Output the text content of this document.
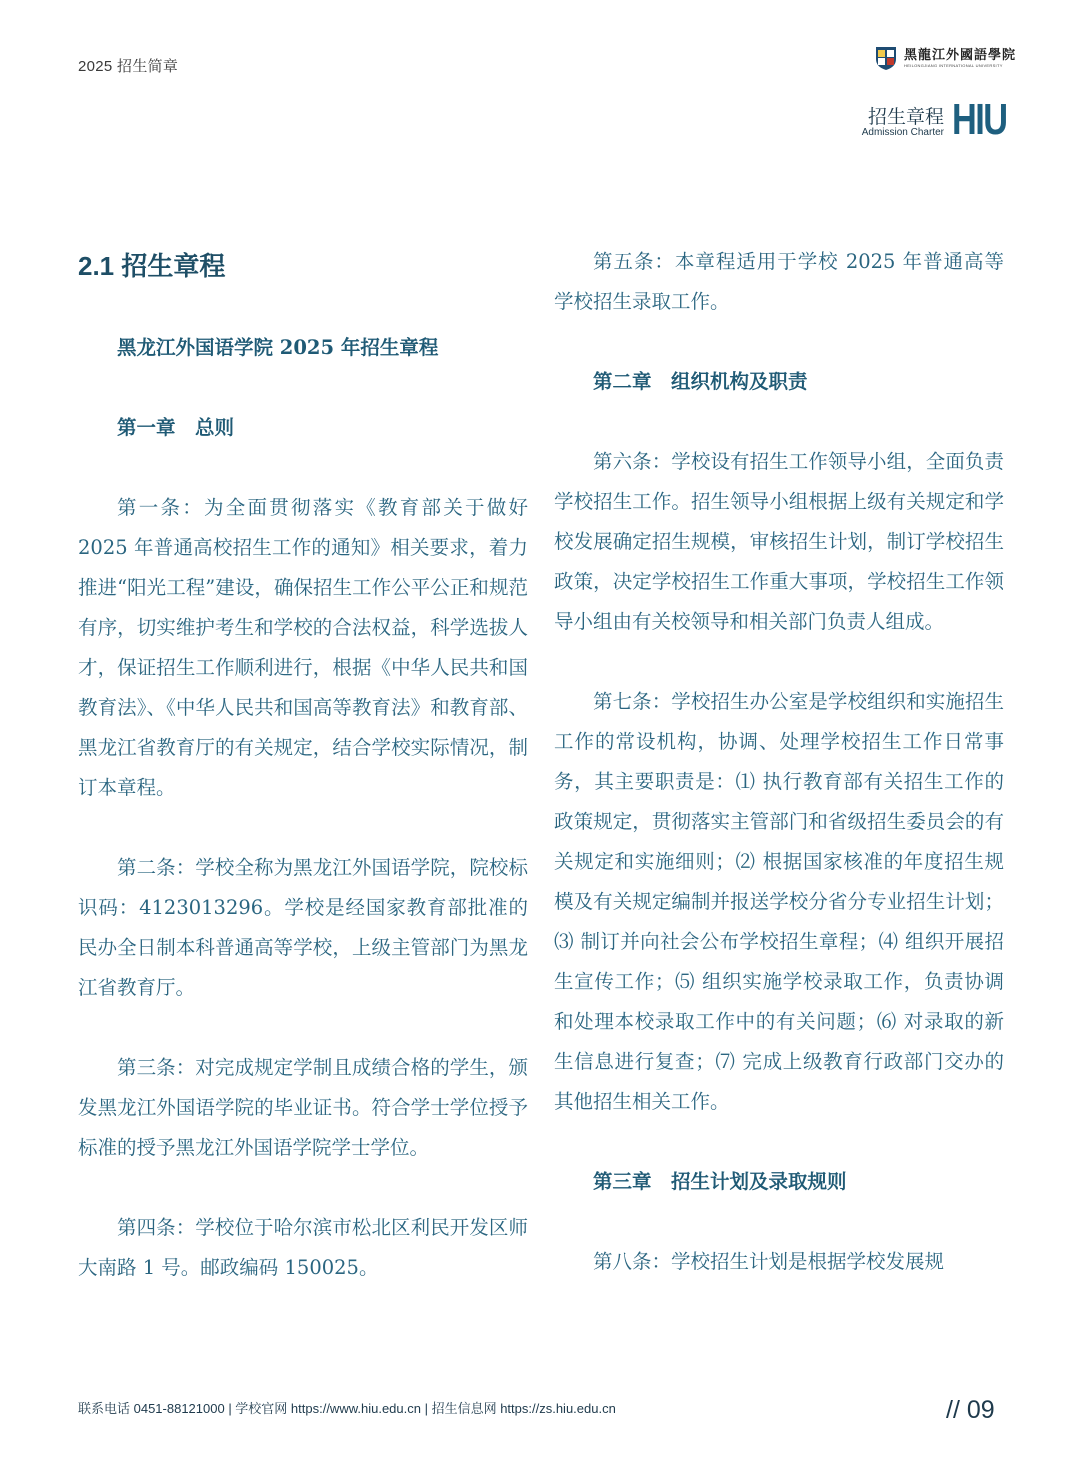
2025 招生简章
黑龍江外國語學院
HEILONGJIANG INTERNATIONAL UNIVERSITY
招生章程
Admission Charter HIU
2.1 招生章程

黑龙江外国语学院 2025 年招生章程

第一章　总则

第一条：为全面贯彻落实《教育部关于做好 2025 年普通高校招生工作的通知》相关要求，着力推进“阳光工程”建设，确保招生工作公平公正和规范有序，切实维护考生和学校的合法权益，科学选拔人才，保证招生工作顺利进行，根据《中华人民共和国教育法》、《中华人民共和国高等教育法》和教育部、黑龙江省教育厅的有关规定，结合学校实际情况，制订本章程。

第二条：学校全称为黑龙江外国语学院，院校标识码：4123013296。学校是经国家教育部批准的民办全日制本科普通高等学校，上级主管部门为黑龙江省教育厅。

第三条：对完成规定学制且成绩合格的学生，颁发黑龙江外国语学院的毕业证书。符合学士学位授予标准的授予黑龙江外国语学院学士学位。

第四条：学校位于哈尔滨市松北区利民开发区师大南路 1 号。邮政编码 150025。

第五条：本章程适用于学校 2025 年普通高等学校招生录取工作。

第二章　组织机构及职责

第六条：学校设有招生工作领导小组，全面负责学校招生工作。招生领导小组根据上级有关规定和学校发展确定招生规模，审核招生计划，制订学校招生政策，决定学校招生工作重大事项，学校招生工作领导小组由有关校领导和相关部门负责人组成。

第七条：学校招生办公室是学校组织和实施招生工作的常设机构，协调、处理学校招生工作日常事务，其主要职责是：⑴ 执行教育部有关招生工作的政策规定，贯彻落实主管部门和省级招生委员会的有关规定和实施细则；⑵ 根据国家核准的年度招生规模及有关规定编制并报送学校分省分专业招生计划；⑶ 制订并向社会公布学校招生章程；⑷ 组织开展招生宣传工作；⑸ 组织实施学校录取工作，负责协调和处理本校录取工作中的有关问题；⑹ 对录取的新生信息进行复查；⑺ 完成上级教育行政部门交办的其他招生相关工作。

第三章　招生计划及录取规则

第八条：学校招生计划是根据学校发展规

联系电话 0451-88121000 | 学校官网 https://www.hiu.edu.cn | 招生信息网 https://zs.hiu.edu.cn	// 09
